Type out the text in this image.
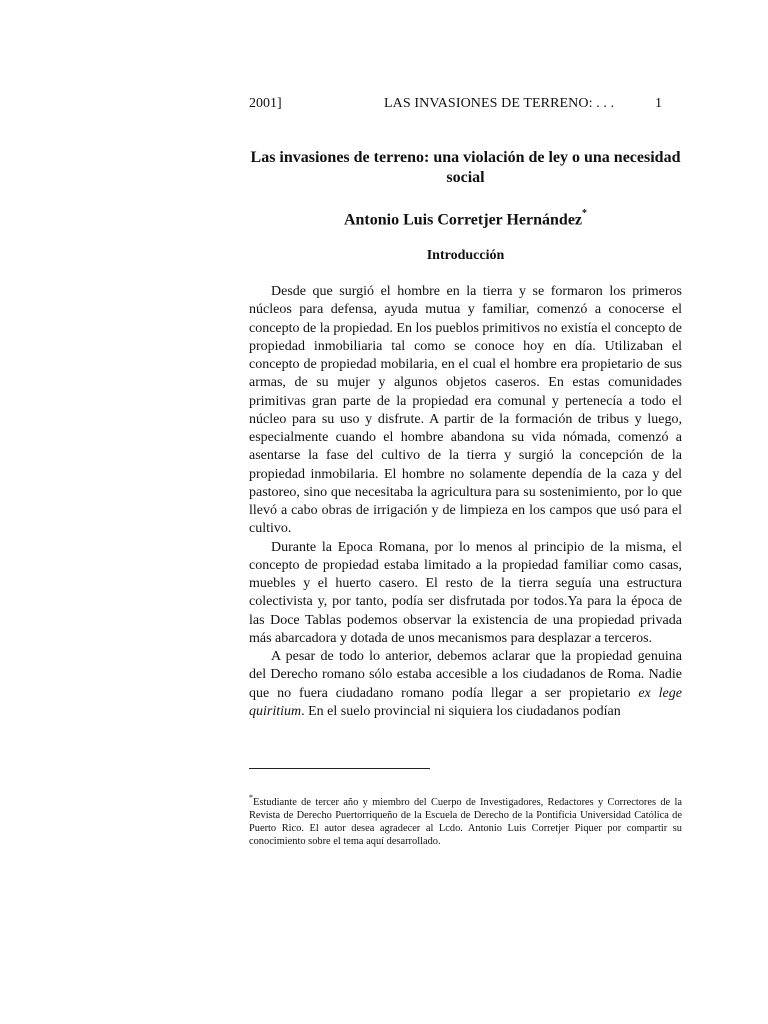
2001]	LAS INVASIONES DE TERRENO: . . .	1
Las invasiones de terreno: una violación de ley o una necesidad social
Antonio Luis Corretjer Hernández*
Introducción

Desde que surgió el hombre en la tierra y se formaron los primeros núcleos para defensa, ayuda mutua y familiar, comenzó a conocerse el concepto de la propiedad. En los pueblos primitivos no existía el concepto de propiedad inmobiliaria tal como se conoce hoy en día. Utilizaban el concepto de propiedad mobilaria, en el cual el hombre era propietario de sus armas, de su mujer y algunos objetos caseros. En estas comunidades primitivas gran parte de la propiedad era comunal y pertenecía a todo el núcleo para su uso y disfrute. A partir de la formación de tribus y luego, especialmente cuando el hombre abandona su vida nómada, comenzó a asentarse la fase del cultivo de la tierra y surgió la concepción de la propiedad inmobilaria. El hombre no solamente dependía de la caza y del pastoreo, sino que necesitaba la agricultura para su sostenimiento, por lo que llevó a cabo obras de irrigación y de limpieza en los campos que usó para el cultivo.

Durante la Epoca Romana, por lo menos al principio de la misma, el concepto de propiedad estaba limitado a la propiedad familiar como casas, muebles y el huerto casero. El resto de la tierra seguía una estructura colectivista y, por tanto, podía ser disfrutada por todos.Ya para la época de las Doce Tablas podemos observar la existencia de una propiedad privada más abarcadora y dotada de unos mecanismos para desplazar a terceros.

A pesar de todo lo anterior, debemos aclarar que la propiedad genuina del Derecho romano sólo estaba accesible a los ciudadanos de Roma. Nadie que no fuera ciudadano romano podía llegar a ser propietario ex lege quiritium. En el suelo provincial ni siquiera los ciudadanos podían

*Estudiante de tercer año y miembro del Cuerpo de Investigadores, Redactores y Correctores de la Revista de Derecho Puertorriqueño de la Escuela de Derecho de la Pontificia Universidad Católica de Puerto Rico. El autor desea agradecer al Lcdo. Antonio Luis Corretjer Piquer por compartir su conocimiento sobre el tema aquí desarrollado.
